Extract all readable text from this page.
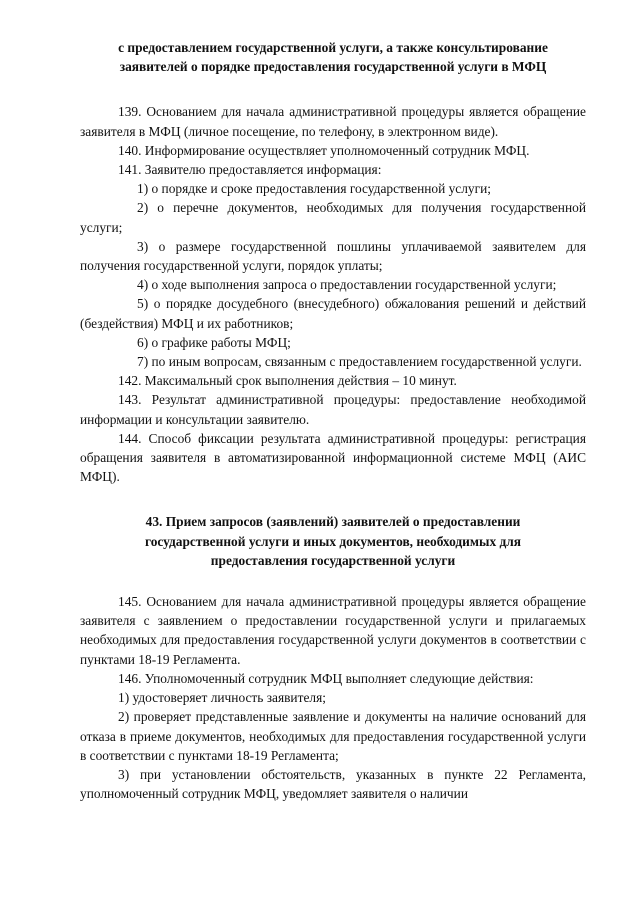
с предоставлением государственной услуги, а также консультирование
заявителей о порядке предоставления государственной услуги в МФЦ

139. Основанием для начала административной процедуры является обращение заявителя в МФЦ (личное посещение, по телефону, в электронном виде).

140. Информирование осуществляет уполномоченный сотрудник МФЦ.

141. Заявителю предоставляется информация:

1) о порядке и сроке предоставления государственной услуги;

2) о перечне документов, необходимых для получения государственной услуги;

3) о размере государственной пошлины уплачиваемой заявителем для получения государственной услуги, порядок уплаты;

4) о ходе выполнения запроса о предоставлении государственной услуги;

5) о порядке досудебного (внесудебного) обжалования решений и действий (бездействия) МФЦ и их работников;

6) о графике работы МФЦ;

7) по иным вопросам, связанным с предоставлением государственной услуги.

142. Максимальный срок выполнения действия – 10 минут.

143. Результат административной процедуры: предоставление необходимой информации и консультации заявителю.

144. Способ фиксации результата административной процедуры: регистрация обращения заявителя в автоматизированной информационной системе МФЦ (АИС МФЦ).

43. Прием запросов (заявлений) заявителей о предоставлении
государственной услуги и иных документов, необходимых для
предоставления государственной услуги

145. Основанием для начала административной процедуры является обращение заявителя с заявлением о предоставлении государственной услуги и прилагаемых необходимых для предоставления государственной услуги документов в соответствии с пунктами 18-19 Регламента.

146. Уполномоченный сотрудник МФЦ выполняет следующие действия:

1) удостоверяет личность заявителя;

2) проверяет представленные заявление и документы на наличие оснований для отказа в приеме документов, необходимых для предоставления государственной услуги в соответствии с пунктами 18-19 Регламента;

3) при установлении обстоятельств, указанных в пункте 22 Регламента, уполномоченный сотрудник МФЦ, уведомляет заявителя о наличии
